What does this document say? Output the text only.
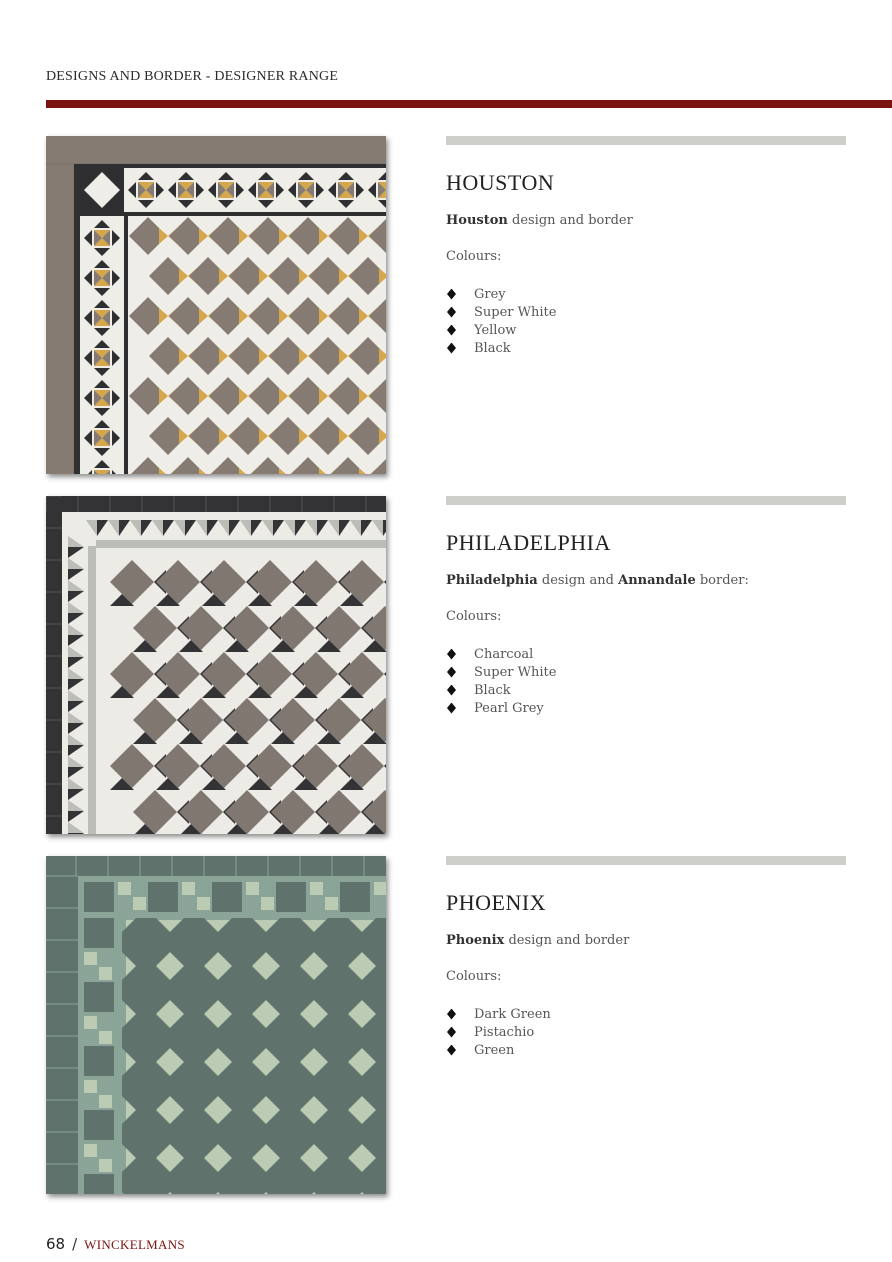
DESIGNS AND BORDER - DESIGNER RANGE
HOUSTON
Houston design and border
Colours:
Grey
Super White
Yellow
Black
PHILADELPHIA
Philadelphia design and Annandale border:
Colours:
Charcoal
Super White
Black
Pearl Grey
PHOENIX
Phoenix design and border
Colours:
Dark Green
Pistachio
Green
68 / WINCKELMANS
